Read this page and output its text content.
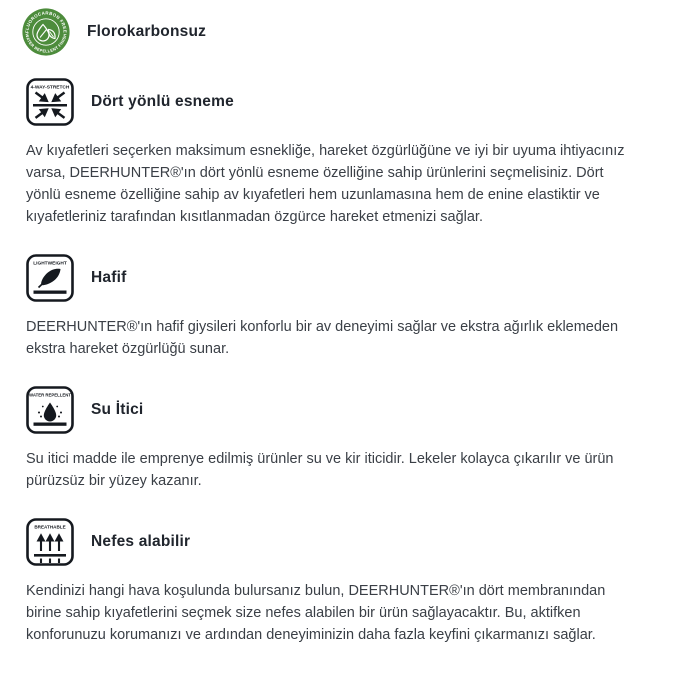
FLUOROCARBON FREE
WATER REPELLENT FINISH Florokarbonsuz
4-WAY-STRETCH
Dört yönlü esneme

Av kıyafetleri seçerken maksimum esnekliğe, hareket özgürlüğüne ve iyi bir uyuma ihtiyacınız varsa, DEERHUNTER®'ın dört yönlü esneme özelliğine sahip ürünlerini seçmelisiniz. Dört yönlü esneme özelliğine sahip av kıyafetleri hem uzunlamasına hem de enine elastiktir ve kıyafetleriniz tarafından kısıtlanmadan özgürce hareket etmenizi sağlar.

LIGHTWEIGHT
Hafif

DEERHUNTER®'ın hafif giysileri konforlu bir av deneyimi sağlar ve ekstra ağırlık eklemeden ekstra hareket özgürlüğü sunar.

WATER REPELLENT
Su İtici

Su itici madde ile emprenye edilmiş ürünler su ve kir iticidir. Lekeler kolayca çıkarılır ve ürün pürüzsüz bir yüzey kazanır.

BREATHABLE
Nefes alabilir

Kendinizi hangi hava koşulunda bulursanız bulun, DEERHUNTER®'ın dört membranından birine sahip kıyafetlerini seçmek size nefes alabilen bir ürün sağlayacaktır. Bu, aktifken konforunuzu korumanızı ve ardından deneyiminizin daha fazla keyfini çıkarmanızı sağlar.
